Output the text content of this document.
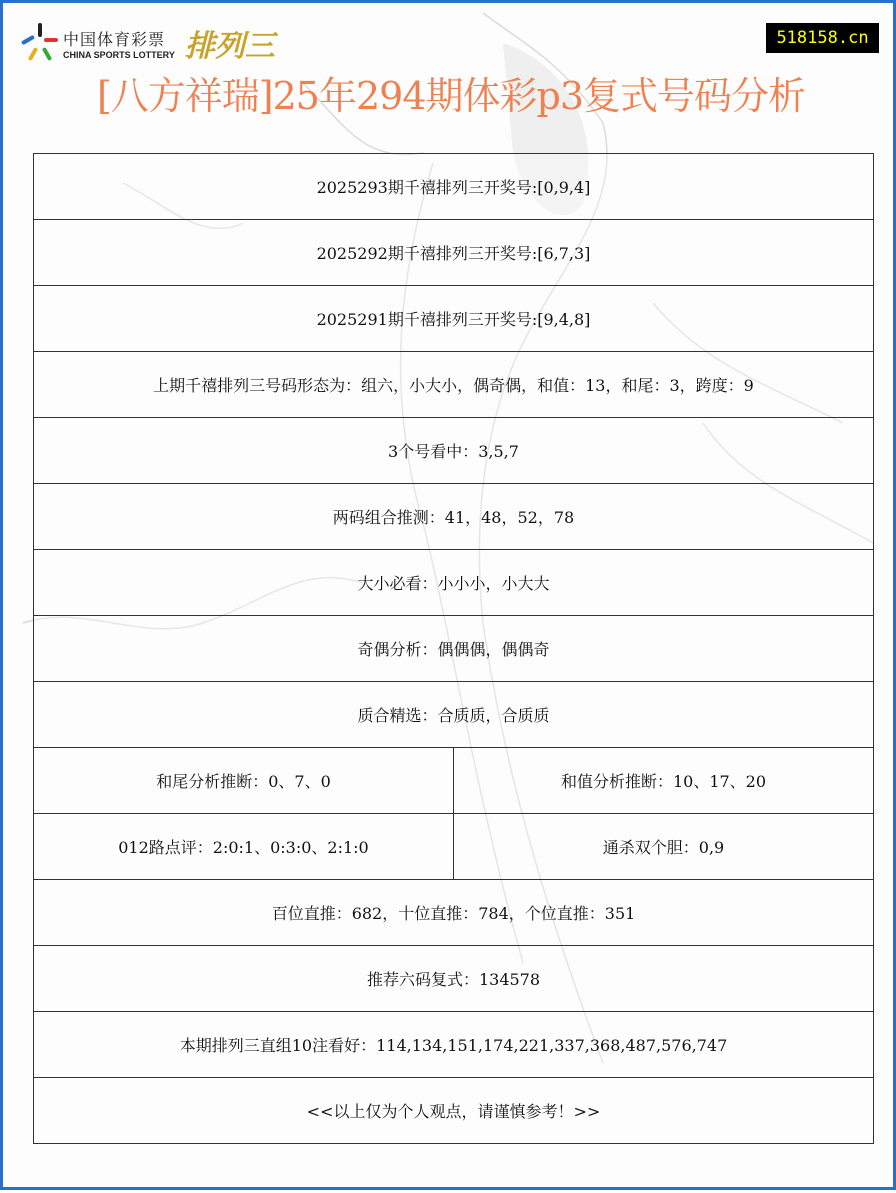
中国体育彩票
CHINA SPORTS LOTTERY 排列三	518158.cn
[八方祥瑞]25年294期体彩p3复式号码分析
2025293期千禧排列三开奖号:[0,9,4]	
2025292期千禧排列三开奖号:[6,7,3]	
2025291期千禧排列三开奖号:[9,4,8]	
上期千禧排列三号码形态为：组六，小大小，偶奇偶，和值：13，和尾：3，跨度：9	
3个号看中：3,5,7	
两码组合推测：41，48，52，78	
大小必看：小小小，小大大	
奇偶分析：偶偶偶，偶偶奇	
质合精选：合质质，合质质	
和尾分析推断：0、7、0	和值分析推断：10、17、20
012路点评：2:0:1、0:3:0、2:1:0	通杀双个胆：0,9
百位直推：682，十位直推：784，个位直推：351	
推荐六码复式：134578	
本期排列三直组10注看好：114,134,151,174,221,337,368,487,576,747	
<<以上仅为个人观点，请谨慎参考！>>	
